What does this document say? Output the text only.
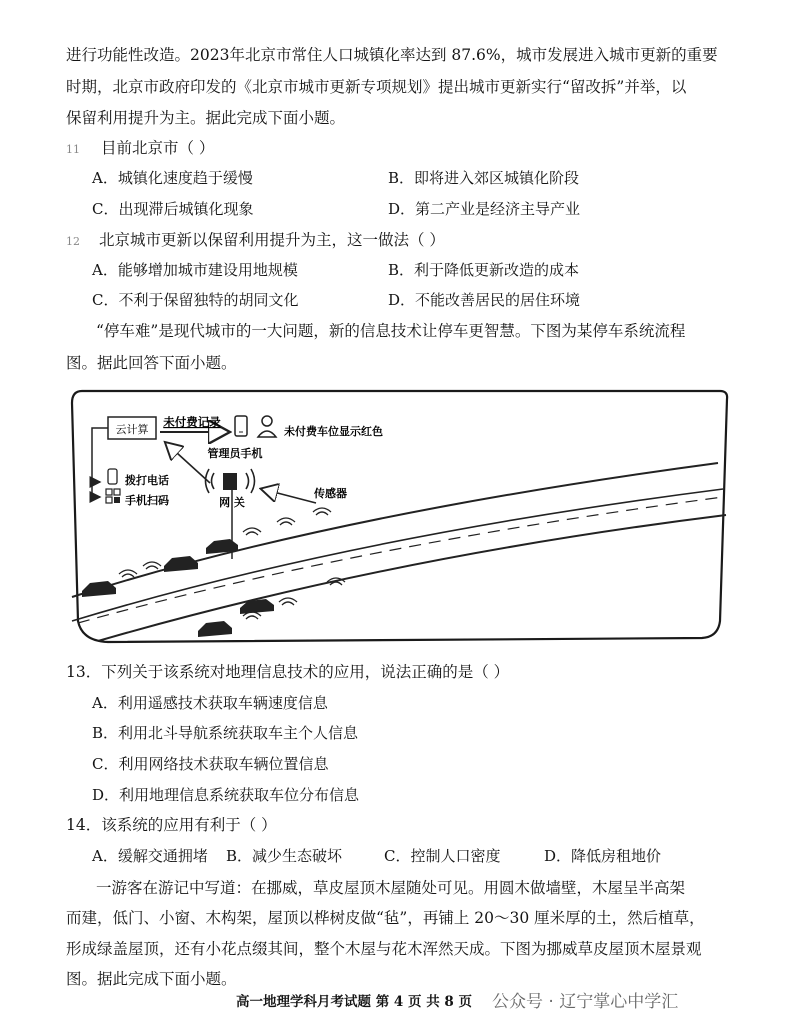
进行功能性改造。2023年北京市常住人口城镇化率达到 87.6%，城市发展进入城市更新的重要
时期，北京市政府印发的《北京市城市更新专项规划》提出城市更新实行“留改拆”并举，以
保留利用提升为主。据此完成下面小题。
11 目前北京市（ ）
A．城镇化速度趋于缓慢	B．即将进入郊区城镇化阶段
C．出现滞后城镇化现象	D．第二产业是经济主导产业
12 北京城市更新以保留利用提升为主，这一做法（ ）
A．能够增加城市建设用地规模	B．利于降低更新改造的成本
C．不利于保留独特的胡同文化	D．不能改善居民的居住环境
“停车难”是现代城市的一大问题，新的信息技术让停车更智慧。下图为某停车系统流程
图。据此回答下面小题。
云计算
未付费记录
未付费车位显示红色
管理员手机
拨打电话
手机扫码	网 关
传感器
13．下列关于该系统对地理信息技术的应用，说法正确的是（ ）
A．利用遥感技术获取车辆速度信息
B．利用北斗导航系统获取车主个人信息
C．利用网络技术获取车辆位置信息
D．利用地理信息系统获取车位分布信息
14．该系统的应用有利于（ ）
A．缓解交通拥堵 B．减少生态破坏	C．控制人口密度	D．降低房租地价
一游客在游记中写道：在挪威，草皮屋顶木屋随处可见。用圆木做墙壁，木屋呈半高架
而建，低门、小窗、木构架，屋顶以桦树皮做“毡”，再铺上 20～30 厘米厚的土，然后植草，
形成绿盖屋顶，还有小花点缀其间，整个木屋与花木浑然天成。下图为挪威草皮屋顶木屋景观
图。据此完成下面小题。
高一地理学科月考试题 第 4 页 共 8 页 公众号 · 辽宁掌心中学汇
